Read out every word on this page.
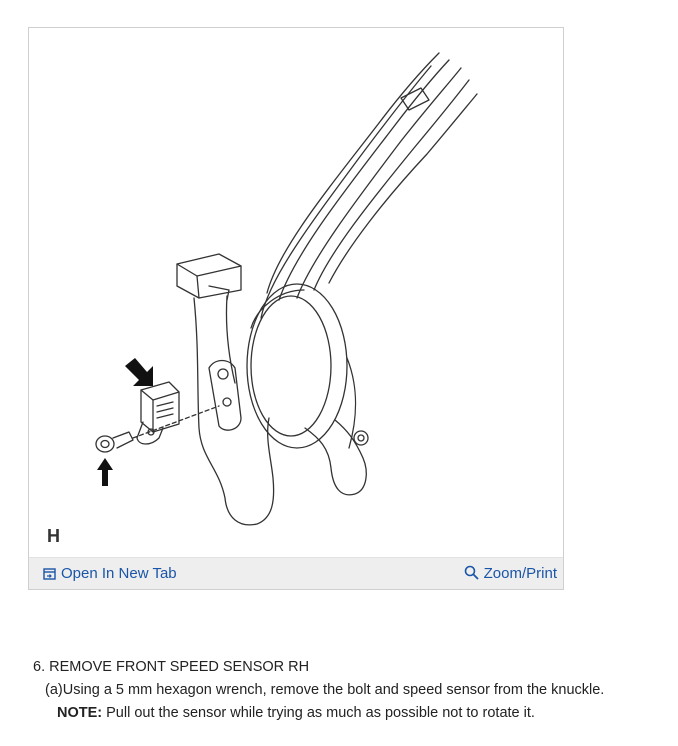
H
Open In New Tab	Zoom/Print
6. REMOVE FRONT SPEED SENSOR RH
(a)Using a 5 mm hexagon wrench, remove the bolt and speed sensor from the knuckle.
NOTE: Pull out the sensor while trying as much as possible not to rotate it.
